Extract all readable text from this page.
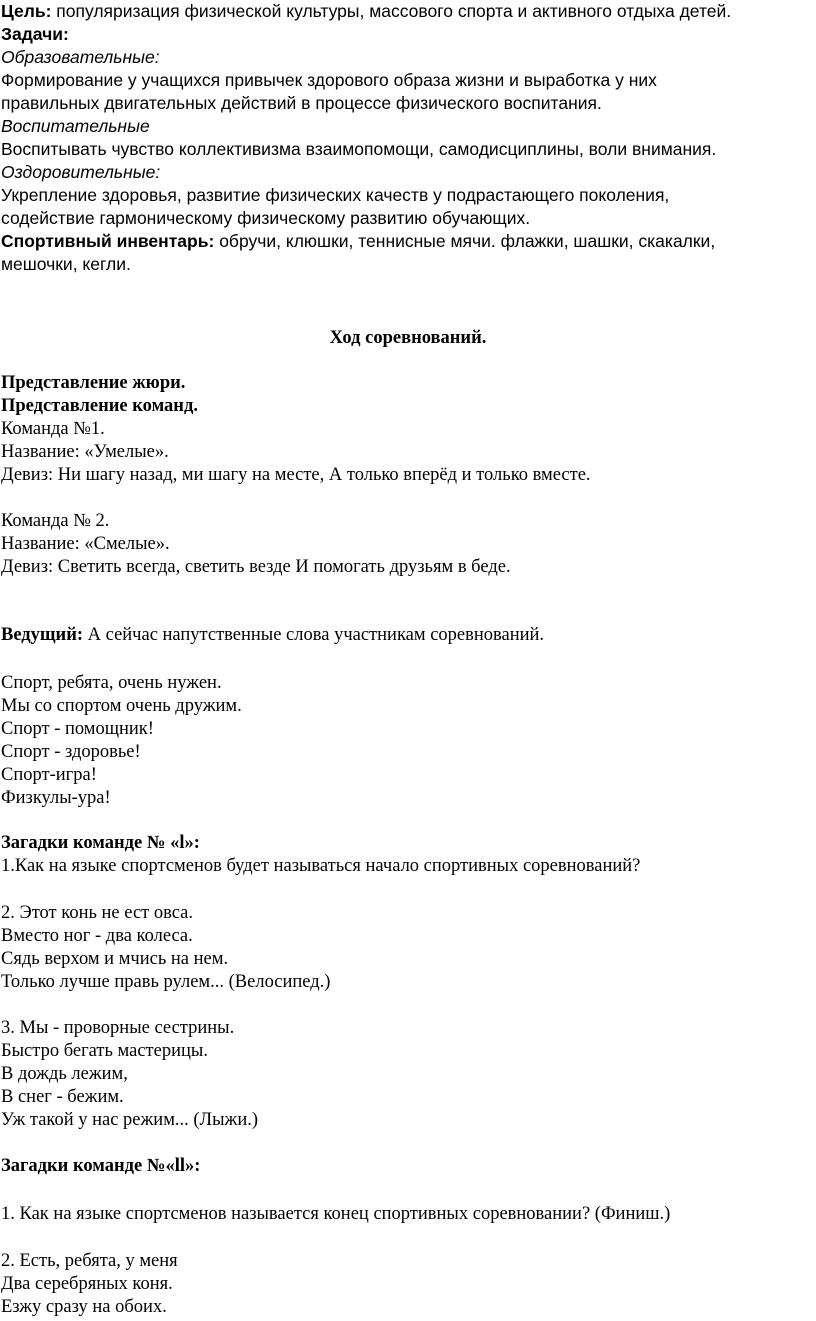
Цель: популяризация физической культуры, массового спорта и активного отдыха детей.
Задачи:
Образовательные:
Формирование у учащихся привычек здорового образа жизни и выработка у них
правильных двигательных действий в процессе физического воспитания.
Воспитательные
Воспитывать чувство коллективизма взаимопомощи, самодисциплины, воли внимания.
Оздоровительные:
Укрепление здоровья, развитие физических качеств у подрастающего поколения,
содействие гармоническому физическому развитию обучающих.
Спортивный инвентарь: обручи, клюшки, теннисные мячи. флажки, шашки, скакалки,
мешочки, кегли.
Ход соревнований.
Представление жюри.
Представление команд.
Команда №1.
Название: «Умелые».
Девиз: Ни шагу назад, ми шагу на месте, А только вперёд и только вместе.
Команда № 2.
Название: «Смелые».
Девиз: Светить всегда, светить везде И помогать друзьям в беде.
Ведущий: А сейчас напутственные слова участникам соревнований.
Спорт, ребята, очень нужен.
Мы со спортом очень дружим.
Спорт - помощник!
Спорт - здоровье!
Спорт-игра!
Физкулы-ура!
Загадки команде № «l»:
1.Как на языке спортсменов будет называться начало спортивных соревнований?
2. Этот конь не ест овса.
Вместо ног - два колеса.
Сядь верхом и мчись на нем.
Только лучше правь рулем... (Велосипед.)
3. Мы - проворные сестрины.
Быстро бегать мастерицы.
В дождь лежим,
В снег - бежим.
Уж такой у нас режим... (Лыжи.)
Загадки команде №«ll»:
1. Как на языке спортсменов называется конец спортивных соревновании? (Финиш.)
2. Есть, ребята, у меня
Два серебряных коня.
Езжу сразу на обоих.
